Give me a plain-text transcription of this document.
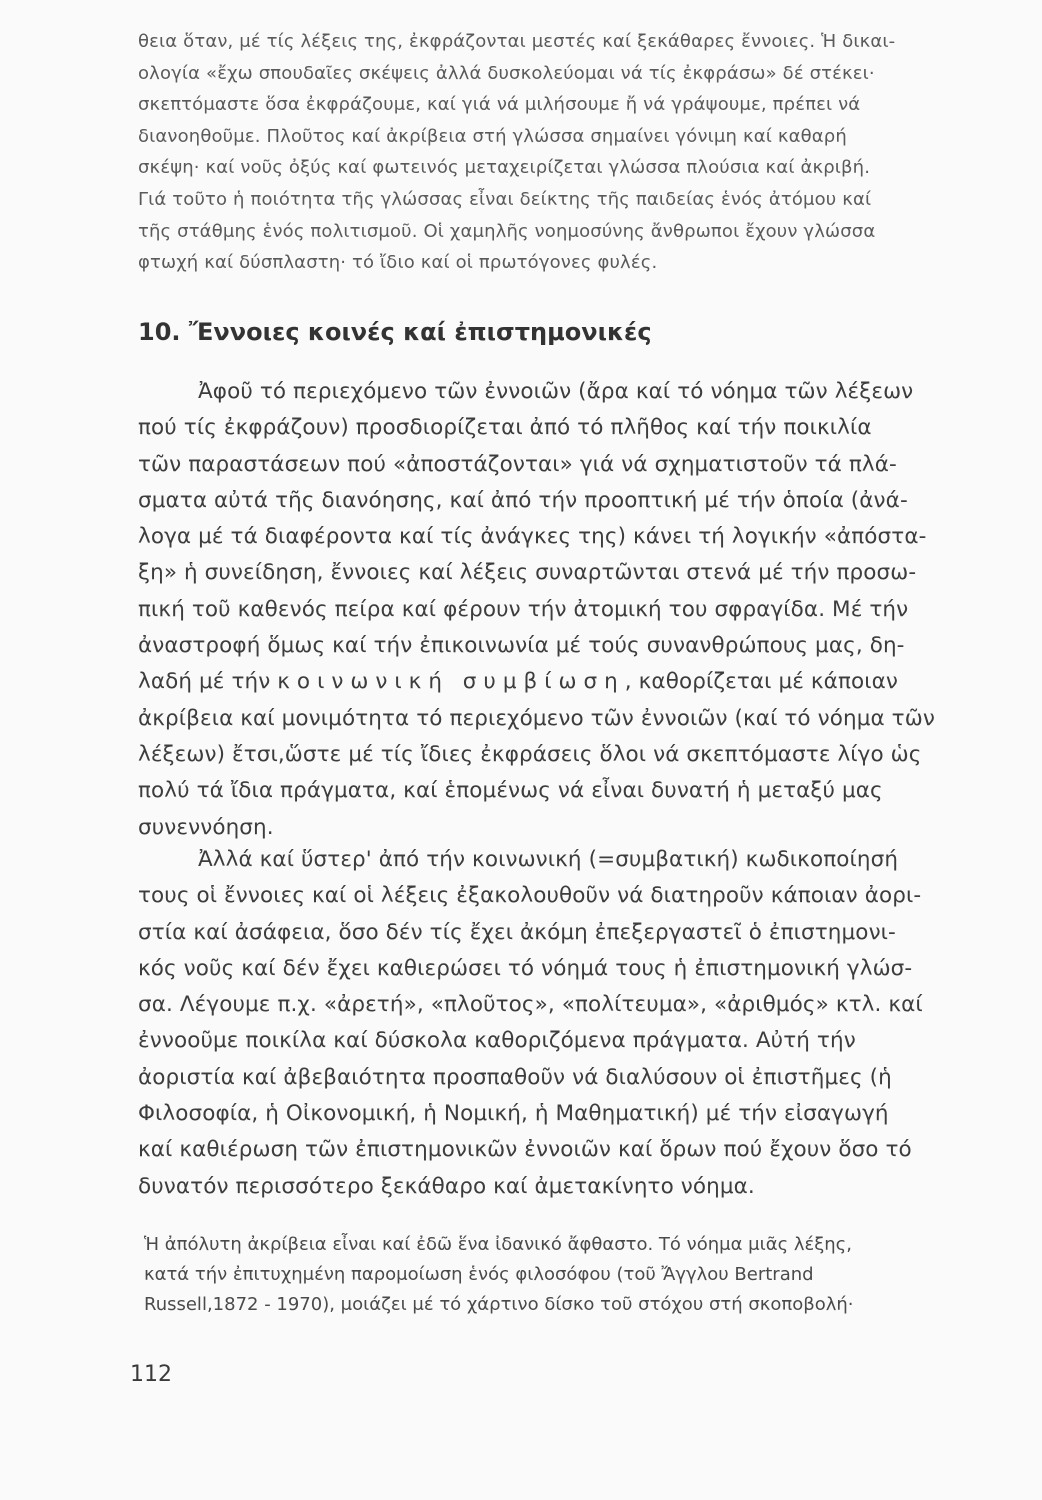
θεια ὅταν, μέ τίς λέξεις της, ἐκφράζονται μεστές καί ξεκάθαρες ἔννοιες. Ἡ δικαι-
ολογία «ἔχω σπουδαῖες σκέψεις ἀλλά δυσκολεύομαι νά τίς ἐκφράσω» δέ στέκει·
σκεπτόμαστε ὅσα ἐκφράζουμε, καί γιά νά μιλήσουμε ἤ νά γράψουμε, πρέπει νά
διανοηθοῦμε. Πλοῦτος καί ἀκρίβεια στή γλώσσα σημαίνει γόνιμη καί καθαρή
σκέψη· καί νοῦς ὀξύς καί φωτεινός μεταχειρίζεται γλώσσα πλούσια καί ἀκριβή.
Γιά τοῦτο ἡ ποιότητα τῆς γλώσσας εἶναι δείκτης τῆς παιδείας ἑνός ἀτόμου καί
τῆς στάθμης ἑνός πολιτισμοῦ. Οἱ χαμηλῆς νοημοσύνης ἄνθρωποι ἔχουν γλώσσα
φτωχή καί δύσπλαστη· τό ἴδιο καί οἱ πρωτόγονες φυλές.
10. Ἔννοιες κοινές καί ἐπιστημονικές
Ἀφοῦ τό περιεχόμενο τῶν ἐννοιῶν (ἄρα καί τό νόημα τῶν λέξεων
πού τίς ἐκφράζουν) προσδιορίζεται ἀπό τό πλῆθος καί τήν ποικιλία
τῶν παραστάσεων πού «ἀποστάζονται» γιά νά σχηματιστοῦν τά πλά-
σματα αὐτά τῆς διανόησης, καί ἀπό τήν προοπτική μέ τήν ὁποία (ἀνά-
λογα μέ τά διαφέροντα καί τίς ἀνάγκες της) κάνει τή λογικήν «ἀπόστα-
ξη» ἡ συνείδηση, ἔννοιες καί λέξεις συναρτῶνται στενά μέ τήν προσω-
πική τοῦ καθενός πείρα καί φέρουν τήν ἀτομική του σφραγίδα. Μέ τήν
ἀναστροφή ὅμως καί τήν ἐπικοινωνία μέ τούς συνανθρώπους μας, δη-
λαδή μέ τήν κοινωνική συμβίωση, καθορίζεται μέ κάποιαν
ἀκρίβεια καί μονιμότητα τό περιεχόμενο τῶν ἐννοιῶν (καί τό νόημα τῶν
λέξεων) ἔτσι,ὥστε μέ τίς ἴδιες ἐκφράσεις ὅλοι νά σκεπτόμαστε λίγο ὡς
πολύ τά ἴδια πράγματα, καί ἑπομένως νά εἶναι δυνατή ἡ μεταξύ μας
συνεννόηση.
Ἀλλά καί ὕστερ' ἀπό τήν κοινωνική (=συμβατική) κωδικοποίησή
τους οἱ ἔννοιες καί οἱ λέξεις ἐξακολουθοῦν νά διατηροῦν κάποιαν ἀορι-
στία καί ἀσάφεια, ὅσο δέν τίς ἔχει ἀκόμη ἐπεξεργαστεῖ ὁ ἐπιστημονι-
κός νοῦς καί δέν ἔχει καθιερώσει τό νόημά τους ἡ ἐπιστημονική γλώσ-
σα. Λέγουμε π.χ. «ἀρετή», «πλοῦτος», «πολίτευμα», «ἀριθμός» κτλ. καί
ἐννοοῦμε ποικίλα καί δύσκολα καθοριζόμενα πράγματα. Αὐτή τήν
ἀοριστία καί ἀβεβαιότητα προσπαθοῦν νά διαλύσουν οἱ ἐπιστῆμες (ἡ
Φιλοσοφία, ἡ Οἰκονομική, ἡ Νομική, ἡ Μαθηματική) μέ τήν εἰσαγωγή
καί καθιέρωση τῶν ἐπιστημονικῶν ἐννοιῶν καί ὅρων πού ἔχουν ὅσο τό
δυνατόν περισσότερο ξεκάθαρο καί ἀμετακίνητο νόημα.
Ἡ ἀπόλυτη ἀκρίβεια εἶναι καί ἐδῶ ἕνα ἰδανικό ἄφθαστο. Τό νόημα μιᾶς λέξης,
κατά τήν ἐπιτυχημένη παρομοίωση ἑνός φιλοσόφου (τοῦ Ἄγγλου Bertrand
Russell,1872 - 1970), μοιάζει μέ τό χάρτινο δίσκο τοῦ στόχου στή σκοποβολή·
112
